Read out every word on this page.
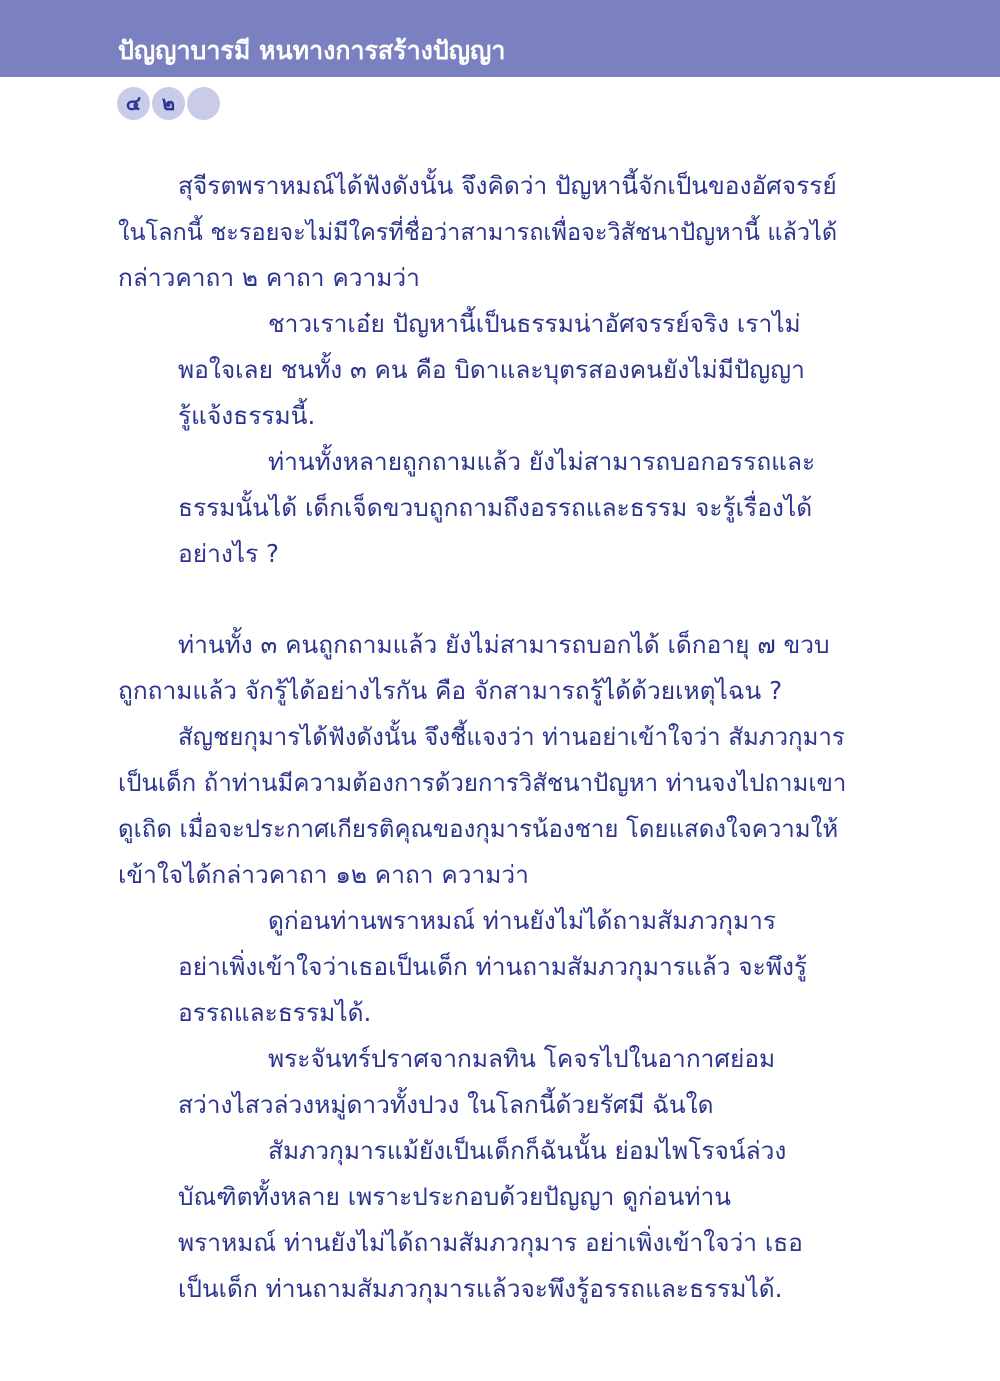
ปัญญาบารมี หนทางการสร้างปัญญา
๔	๒
สุจีรตพราหมณ์ได้ฟังดังนั้น จึงคิดว่า ปัญหานี้จักเป็นของอัศจรรย์
ในโลกนี้ ชะรอยจะไม่มีใครที่ชื่อว่าสามารถเพื่อจะวิสัชนาปัญหานี้ แล้วได้
กล่าวคาถา ๒ คาถา ความว่า
ชาวเราเอ๋ย ปัญหานี้เป็นธรรมน่าอัศจรรย์จริง เราไม่
พอใจเลย ชนทั้ง ๓ คน คือ บิดาและบุตรสองคนยังไม่มีปัญญา
รู้แจ้งธรรมนี้.
ท่านทั้งหลายถูกถามแล้ว ยังไม่สามารถบอกอรรถและ
ธรรมนั้นได้ เด็กเจ็ดขวบถูกถามถึงอรรถและธรรม จะรู้เรื่องได้
อย่างไร ?
ท่านทั้ง ๓ คนถูกถามแล้ว ยังไม่สามารถบอกได้ เด็กอายุ ๗ ขวบ
ถูกถามแล้ว จักรู้ได้อย่างไรกัน คือ จักสามารถรู้ได้ด้วยเหตุไฉน ?
สัญชยกุมารได้ฟังดังนั้น จึงชี้แจงว่า ท่านอย่าเข้าใจว่า สัมภวกุมาร
เป็นเด็ก ถ้าท่านมีความต้องการด้วยการวิสัชนาปัญหา ท่านจงไปถามเขา
ดูเถิด เมื่อจะประกาศเกียรติคุณของกุมารน้องชาย โดยแสดงใจความให้
เข้าใจได้กล่าวคาถา ๑๒ คาถา ความว่า
ดูก่อนท่านพราหมณ์ ท่านยังไม่ได้ถามสัมภวกุมาร
อย่าเพิ่งเข้าใจว่าเธอเป็นเด็ก ท่านถามสัมภวกุมารแล้ว จะพึงรู้
อรรถและธรรมได้.
พระจันทร์ปราศจากมลทิน โคจรไปในอากาศย่อม
สว่างไสวล่วงหมู่ดาวทั้งปวง ในโลกนี้ด้วยรัศมี ฉันใด
สัมภวกุมารแม้ยังเป็นเด็กก็ฉันนั้น ย่อมไพโรจน์ล่วง
บัณฑิตทั้งหลาย เพราะประกอบด้วยปัญญา ดูก่อนท่าน
พราหมณ์ ท่านยังไม่ได้ถามสัมภวกุมาร อย่าเพิ่งเข้าใจว่า เธอ
เป็นเด็ก ท่านถามสัมภวกุมารแล้วจะพึงรู้อรรถและธรรมได้.
